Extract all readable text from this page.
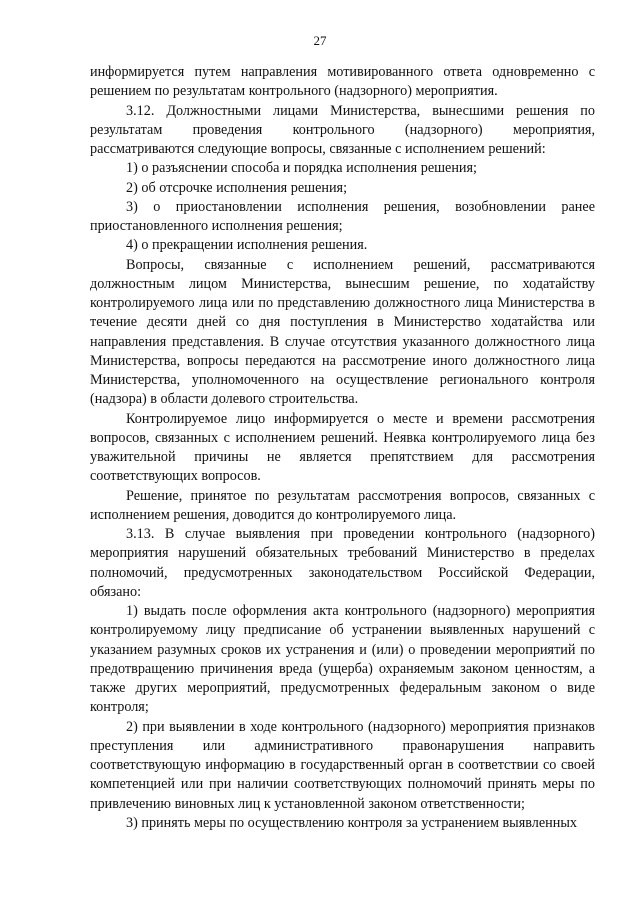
27

информируется путем направления мотивированного ответа одновременно с решением по результатам контрольного (надзорного) мероприятия.

3.12. Должностными лицами Министерства, вынесшими решения по результатам проведения контрольного (надзорного) мероприятия, рассматриваются следующие вопросы, связанные с исполнением решений:

1) о разъяснении способа и порядка исполнения решения;

2) об отсрочке исполнения решения;

3) о приостановлении исполнения решения, возобновлении ранее приостановленного исполнения решения;

4) о прекращении исполнения решения.

Вопросы, связанные с исполнением решений, рассматриваются должностным лицом Министерства, вынесшим решение, по ходатайству контролируемого лица или по представлению должностного лица Министерства в течение десяти дней со дня поступления в Министерство ходатайства или направления представления. В случае отсутствия указанного должностного лица Министерства, вопросы передаются на рассмотрение иного должностного лица Министерства, уполномоченного на осуществление регионального контроля (надзора) в области долевого строительства.

Контролируемое лицо информируется о месте и времени рассмотрения вопросов, связанных с исполнением решений. Неявка контролируемого лица без уважительной причины не является препятствием для рассмотрения соответствующих вопросов.

Решение, принятое по результатам рассмотрения вопросов, связанных с исполнением решения, доводится до контролируемого лица.

3.13. В случае выявления при проведении контрольного (надзорного) мероприятия нарушений обязательных требований Министерство в пределах полномочий, предусмотренных законодательством Российской Федерации, обязано:

1) выдать после оформления акта контрольного (надзорного) мероприятия контролируемому лицу предписание об устранении выявленных нарушений с указанием разумных сроков их устранения и (или) о проведении мероприятий по предотвращению причинения вреда (ущерба) охраняемым законом ценностям, а также других мероприятий, предусмотренных федеральным законом о виде контроля;

2) при выявлении в ходе контрольного (надзорного) мероприятия признаков преступления или административного правонарушения направить соответствующую информацию в государственный орган в соответствии со своей компетенцией или при наличии соответствующих полномочий принять меры по привлечению виновных лиц к установленной законом ответственности;

3) принять меры по осуществлению контроля за устранением выявленных
